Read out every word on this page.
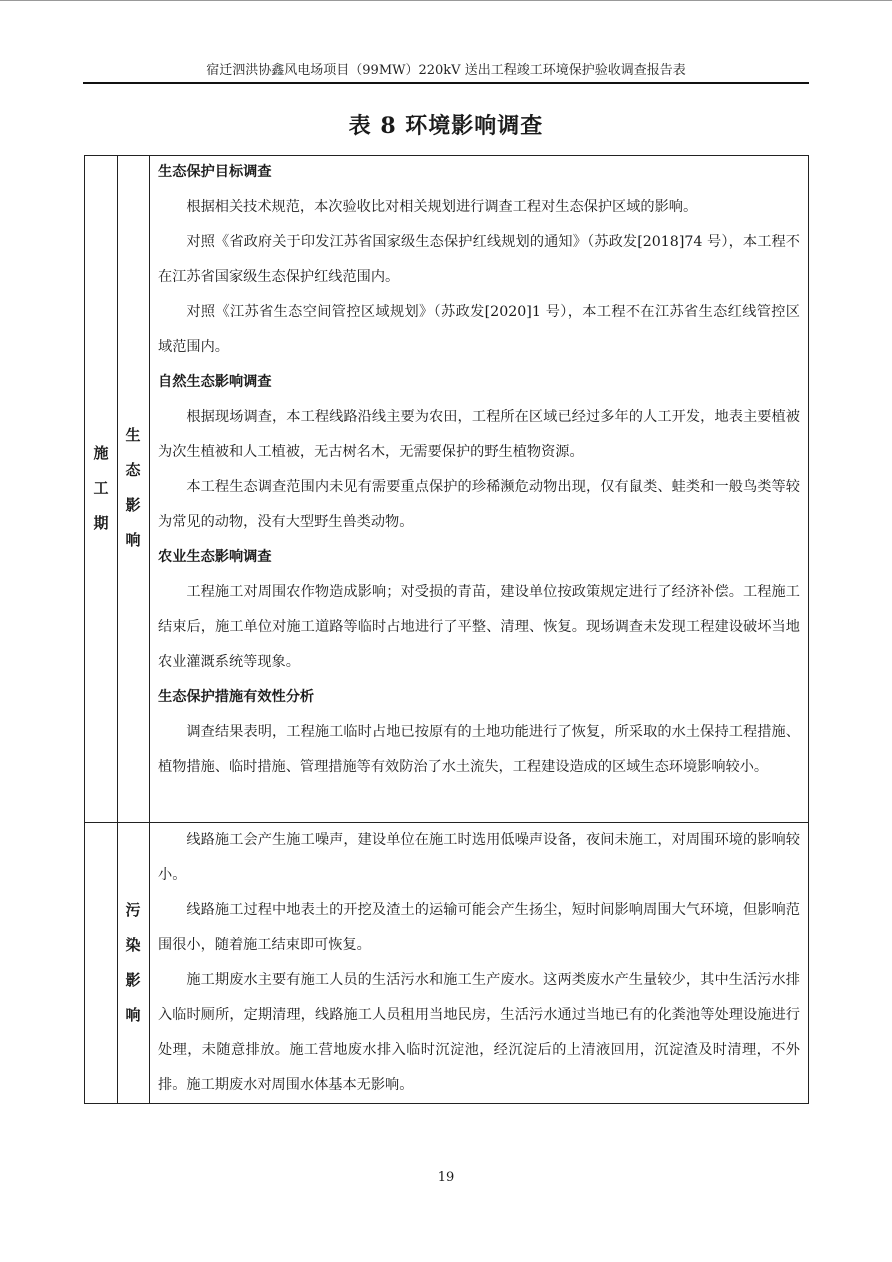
宿迁泗洪协鑫风电场项目（99MW）220kV 送出工程竣工环境保护验收调查报告表
表 8 环境影响调查
施工期
生态影响
污染影响
生态保护目标调查
根据相关技术规范，本次验收比对相关规划进行调查工程对生态保护区域的影响。
对照《省政府关于印发江苏省国家级生态保护红线规划的通知》（苏政发[2018]74 号），本工程不在江苏省国家级生态保护红线范围内。
对照《江苏省生态空间管控区域规划》（苏政发[2020]1 号），本工程不在江苏省生态红线管控区域范围内。
自然生态影响调查
根据现场调查，本工程线路沿线主要为农田，工程所在区域已经过多年的人工开发，地表主要植被为次生植被和人工植被，无古树名木，无需要保护的野生植物资源。
本工程生态调查范围内未见有需要重点保护的珍稀濒危动物出现，仅有鼠类、蛙类和一般鸟类等较为常见的动物，没有大型野生兽类动物。
农业生态影响调查
工程施工对周围农作物造成影响；对受损的青苗，建设单位按政策规定进行了经济补偿。工程施工结束后，施工单位对施工道路等临时占地进行了平整、清理、恢复。现场调查未发现工程建设破坏当地农业灌溉系统等现象。
生态保护措施有效性分析
调查结果表明，工程施工临时占地已按原有的土地功能进行了恢复，所采取的水土保持工程措施、植物措施、临时措施、管理措施等有效防治了水土流失，工程建设造成的区域生态环境影响较小。
线路施工会产生施工噪声，建设单位在施工时选用低噪声设备，夜间未施工，对周围环境的影响较小。
线路施工过程中地表土的开挖及渣土的运输可能会产生扬尘，短时间影响周围大气环境，但影响范围很小，随着施工结束即可恢复。
施工期废水主要有施工人员的生活污水和施工生产废水。这两类废水产生量较少，其中生活污水排入临时厕所，定期清理，线路施工人员租用当地民房，生活污水通过当地已有的化粪池等处理设施进行处理，未随意排放。施工营地废水排入临时沉淀池，经沉淀后的上清液回用，沉淀渣及时清理，不外排。施工期废水对周围水体基本无影响。
19
